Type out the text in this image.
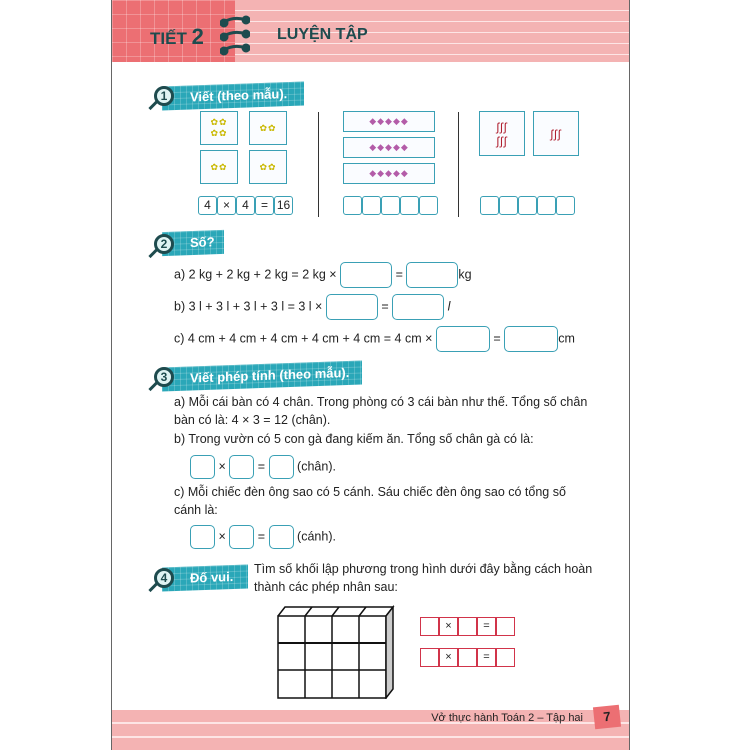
TIẾT 2	LUYỆN TẬP
Viết (theo mẫu).
1
✿✿
✿✿
✿✿
✿✿	✿✿
4	×	4	= 16
◆◆◆◆◆
◆◆◆◆◆
◆◆◆◆◆
ʃʃʃ
ʃʃʃ	ʃʃʃ
Số?
2
a) 2 kg + 2 kg + 2 kg = 2 kg ×	=	kg
b) 3 l + 3 l + 3 l + 3 l = 3 l ×	=	l
c) 4 cm + 4 cm + 4 cm + 4 cm + 4 cm = 4 cm ×	=	cm
Viết phép tính (theo mẫu).
3
a) Mỗi cái bàn có 4 chân. Trong phòng có 3 cái bàn như thế. Tổng số chân
bàn có là: 4 × 3 = 12 (chân).
b) Trong vườn có 5 con gà đang kiếm ăn. Tổng số chân gà có là:
×	=	(chân).
c) Mỗi chiếc đèn ông sao có 5 cánh. Sáu chiếc đèn ông sao có tổng số
cánh là:
×	=	(cánh).
Đố vui.
4
Tìm số khối lập phương trong hình dưới đây bằng cách hoàn
thành các phép nhân sau:
×	=
×	=
Vở thực hành Toán 2 – Tập hai	7
